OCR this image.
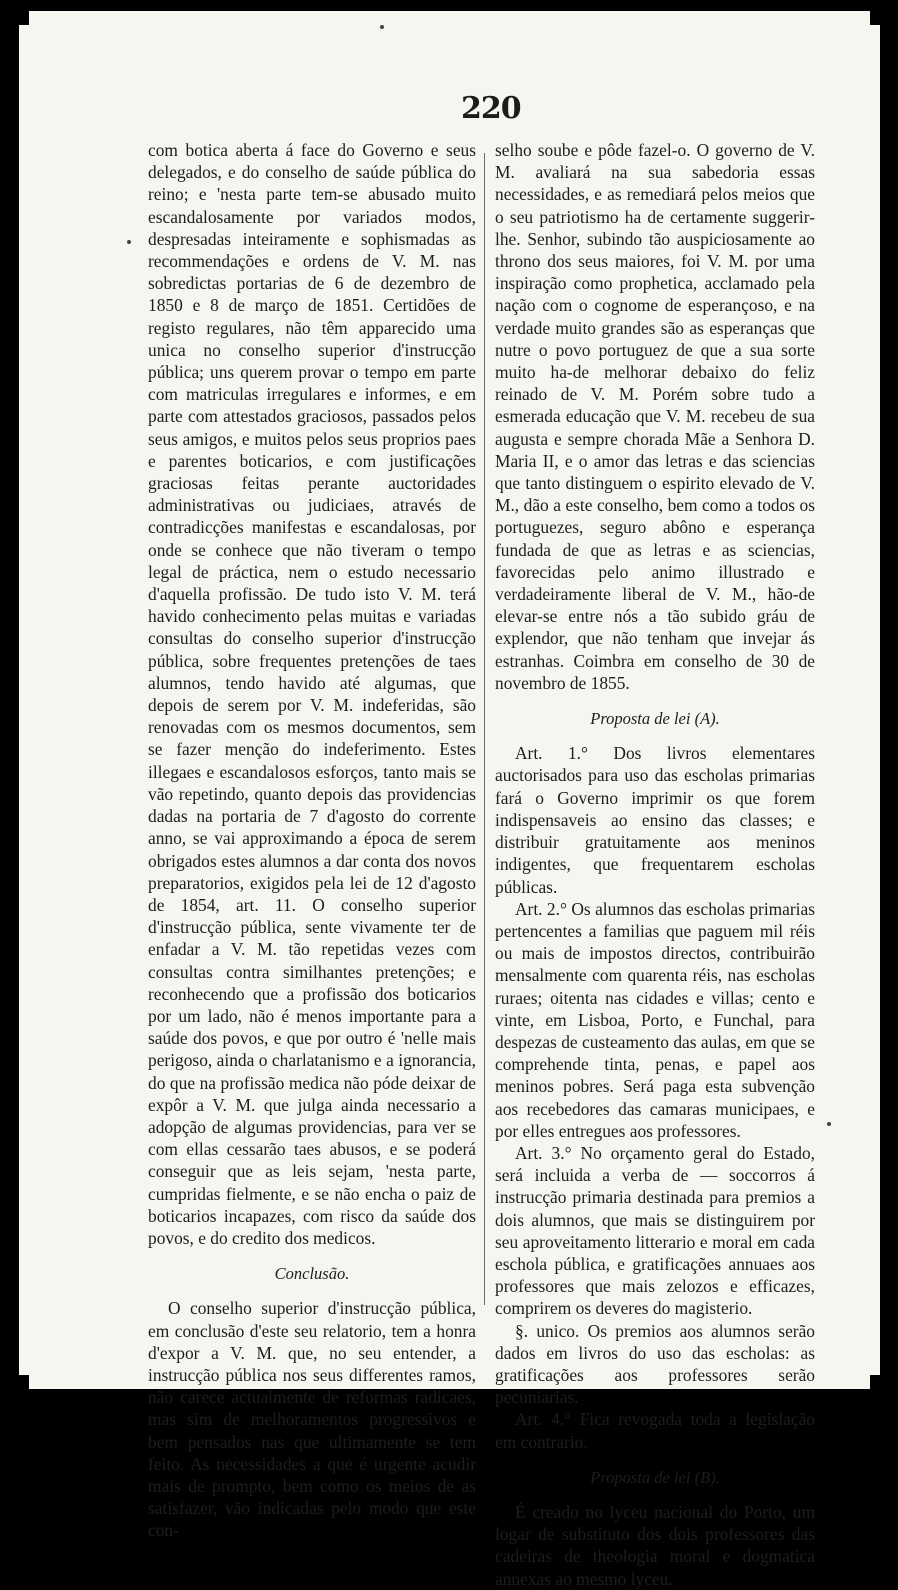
220

com botica aberta á face do Governo e seus delegados, e do conselho de saúde pública do reino; e 'nesta parte tem-se abusado muito escandalosamente por variados modos, despresadas inteiramente e sophismadas as recommendações e ordens de V. M. nas sobredictas portarias de 6 de dezembro de 1850 e 8 de março de 1851. Certidões de registo regulares, não têm apparecido uma unica no conselho superior d'instrucção pública; uns querem provar o tempo em parte com matriculas irregulares e informes, e em parte com attestados graciosos, passados pelos seus amigos, e muitos pelos seus proprios paes e parentes boticarios, e com justificações graciosas feitas perante auctoridades administrativas ou judiciaes, através de contradicções manifestas e escandalosas, por onde se conhece que não tiveram o tempo legal de práctica, nem o estudo necessario d'aquella profissão. De tudo isto V. M. terá havido conhecimento pelas muitas e variadas consultas do conselho superior d'instrucção pública, sobre frequentes pretenções de taes alumnos, tendo havido até algumas, que depois de serem por V. M. indeferidas, são renovadas com os mesmos documentos, sem se fazer menção do indeferimento. Estes illegaes e escandalosos esforços, tanto mais se vão repetindo, quanto depois das providencias dadas na portaria de 7 d'agosto do corrente anno, se vai approximando a época de serem obrigados estes alumnos a dar conta dos novos preparatorios, exigidos pela lei de 12 d'agosto de 1854, art. 11. O conselho superior d'instrucção pública, sente vivamente ter de enfadar a V. M. tão repetidas vezes com consultas contra similhantes pretenções; e reconhecendo que a profissão dos boticarios por um lado, não é menos importante para a saúde dos povos, e que por outro é 'nelle mais perigoso, ainda o charlatanismo e a ignorancia, do que na profissão medica não póde deixar de expôr a V. M. que julga ainda necessario a adopção de algumas providencias, para ver se com ellas cessarão taes abusos, e se poderá conseguir que as leis sejam, 'nesta parte, cumpridas fielmente, e se não encha o paiz de boticarios incapazes, com risco da saúde dos povos, e do credito dos medicos.

Conclusão.

O conselho superior d'instrucção pública, em conclusão d'este seu relatorio, tem a honra d'expor a V. M. que, no seu entender, a instrucção pública nos seus differentes ramos, não carece actualmente de reformas radicaes, mas sim de melhoramentos progressivos e bem pensados nas que ultimamente se tem feito. As necessidades a que é urgente acudir mais de prompto, bem como os meios de as satisfazer, vão indicadas pelo modo que este con-

selho soube e pôde fazel-o. O governo de V. M. avaliará na sua sabedoria essas necessidades, e as remediará pelos meios que o seu patriotismo ha de certamente suggerir-lhe. Senhor, subindo tão auspiciosamente ao throno dos seus maiores, foi V. M. por uma inspiração como prophetica, acclamado pela nação com o cognome de esperançoso, e na verdade muito grandes são as esperanças que nutre o povo portuguez de que a sua sorte muito ha-de melhorar debaixo do feliz reinado de V. M. Porém sobre tudo a esmerada educação que V. M. recebeu de sua augusta e sempre chorada Mãe a Senhora D. Maria II, e o amor das letras e das sciencias que tanto distinguem o espirito elevado de V. M., dão a este conselho, bem como a todos os portuguezes, seguro abôno e esperança fundada de que as letras e as sciencias, favorecidas pelo animo illustrado e verdadeiramente liberal de V. M., hão-de elevar-se entre nós a tão subido gráu de explendor, que não tenham que invejar ás estranhas. Coimbra em conselho de 30 de novembro de 1855.

Proposta de lei (A).

Art. 1.° Dos livros elementares auctorisados para uso das escholas primarias fará o Governo imprimir os que forem indispensaveis ao ensino das classes; e distribuir gratuitamente aos meninos indigentes, que frequentarem escholas públicas.

Art. 2.° Os alumnos das escholas primarias pertencentes a familias que paguem mil réis ou mais de impostos directos, contribuirão mensalmente com quarenta réis, nas escholas ruraes; oitenta nas cidades e villas; cento e vinte, em Lisboa, Porto, e Funchal, para despezas de custeamento das aulas, em que se comprehende tinta, penas, e papel aos meninos pobres. Será paga esta subvenção aos recebedores das camaras municipaes, e por elles entregues aos professores.

Art. 3.° No orçamento geral do Estado, será incluida a verba de — soccorros á instrucção primaria destinada para premios a dois alumnos, que mais se distinguirem por seu aproveitamento litterario e moral em cada eschola pública, e gratificações annuaes aos professores que mais zelozos e efficazes, comprirem os deveres do magisterio.

§. unico. Os premios aos alumnos serão dados em livros do uso das escholas: as gratificações aos professores serão pecuniarias.

Art. 4.° Fica revogada toda a legislação em contrario.

Proposta de lei (B).

É creado no lyceu nacional do Porto, um logar de substituto dos dois professores das cadeiras de theologia moral e dogmatica annexas ao mesmo lyceu.
